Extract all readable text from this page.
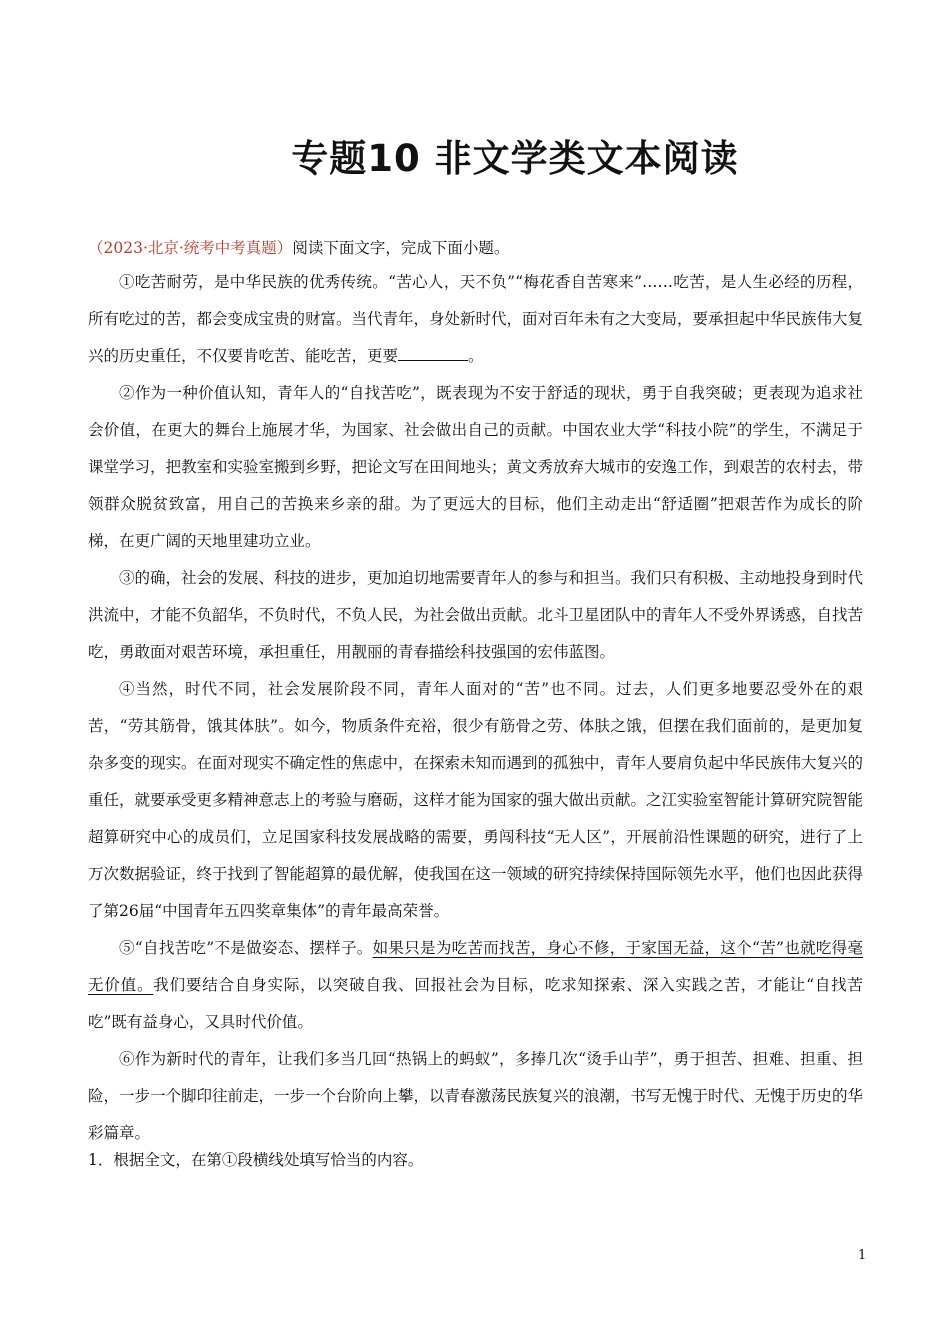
专题10 非文学类文本阅读
（2023·北京·统考中考真题）阅读下面文字，完成下面小题。

①吃苦耐劳，是中华民族的优秀传统。“苦心人，天不负”“梅花香自苦寒来”……吃苦，是人生必经的历程，所有吃过的苦，都会变成宝贵的财富。当代青年，身处新时代，面对百年未有之大变局，要承担起中华民族伟大复兴的历史重任，不仅要肯吃苦、能吃苦，更要	。

②作为一种价值认知，青年人的“自找苦吃”，既表现为不安于舒适的现状，勇于自我突破；更表现为追求社会价值，在更大的舞台上施展才华，为国家、社会做出自己的贡献。中国农业大学“科技小院”的学生，不满足于课堂学习，把教室和实验室搬到乡野，把论文写在田间地头；黄文秀放弃大城市的安逸工作，到艰苦的农村去，带领群众脱贫致富，用自己的苦换来乡亲的甜。为了更远大的目标，他们主动走出“舒适圈”把艰苦作为成长的阶梯，在更广阔的天地里建功立业。

③的确，社会的发展、科技的进步，更加迫切地需要青年人的参与和担当。我们只有积极、主动地投身到时代洪流中，才能不负韶华，不负时代，不负人民，为社会做出贡献。北斗卫星团队中的青年人不受外界诱惑，自找苦吃，勇敢面对艰苦环境，承担重任，用靓丽的青春描绘科技强国的宏伟蓝图。

④当然，时代不同，社会发展阶段不同，青年人面对的“苦”也不同。过去，人们更多地要忍受外在的艰苦，“劳其筋骨，饿其体肤”。如今，物质条件充裕，很少有筋骨之劳、体肤之饿，但摆在我们面前的，是更加复杂多变的现实。在面对现实不确定性的焦虑中，在探索未知而遇到的孤独中，青年人要肩负起中华民族伟大复兴的重任，就要承受更多精神意志上的考验与磨砺，这样才能为国家的强大做出贡献。之江实验室智能计算研究院智能超算研究中心的成员们，立足国家科技发展战略的需要，勇闯科技“无人区”，开展前沿性课题的研究，进行了上万次数据验证，终于找到了智能超算的最优解，使我国在这一领域的研究持续保持国际领先水平，他们也因此获得了第26届“中国青年五四奖章集体”的青年最高荣誉。

⑤“自找苦吃”不是做姿态、摆样子。如果只是为吃苦而找苦，身心不修，于家国无益，这个“苦”也就吃得毫无价值。我们要结合自身实际，以突破自我、回报社会为目标，吃求知探索、深入实践之苦，才能让“自找苦吃”既有益身心，又具时代价值。

⑥作为新时代的青年，让我们多当几回“热锅上的蚂蚁”，多捧几次“烫手山芋”，勇于担苦、担难、担重、担险，一步一个脚印往前走，一步一个台阶向上攀，以青春激荡民族复兴的浪潮，书写无愧于时代、无愧于历史的华彩篇章。

1．根据全文，在第①段横线处填写恰当的内容。
1
